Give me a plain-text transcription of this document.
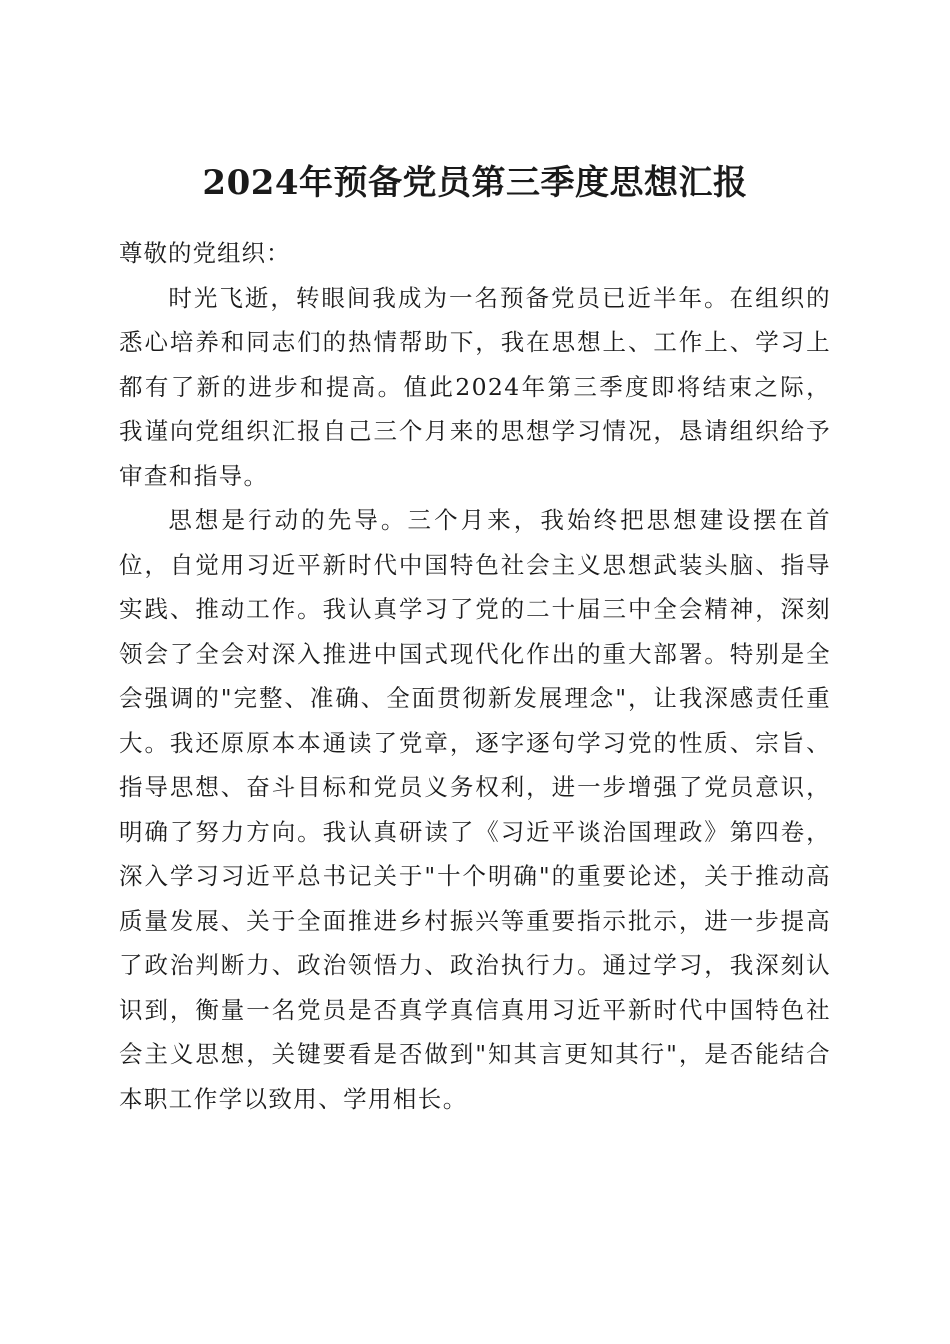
2024年预备党员第三季度思想汇报

尊敬的党组织：

时光飞逝，转眼间我成为一名预备党员已近半年。在组织的悉心培养和同志们的热情帮助下，我在思想上、工作上、学习上都有了新的进步和提高。值此2024年第三季度即将结束之际，我谨向党组织汇报自己三个月来的思想学习情况，恳请组织给予审查和指导。

思想是行动的先导。三个月来，我始终把思想建设摆在首位，自觉用习近平新时代中国特色社会主义思想武装头脑、指导实践、推动工作。我认真学习了党的二十届三中全会精神，深刻领会了全会对深入推进中国式现代化作出的重大部署。特别是全会强调的"完整、准确、全面贯彻新发展理念"，让我深感责任重大。我还原原本本通读了党章，逐字逐句学习党的性质、宗旨、指导思想、奋斗目标和党员义务权利，进一步增强了党员意识，明确了努力方向。我认真研读了《习近平谈治国理政》第四卷，深入学习习近平总书记关于"十个明确"的重要论述，关于推动高质量发展、关于全面推进乡村振兴等重要指示批示，进一步提高了政治判断力、政治领悟力、政治执行力。通过学习，我深刻认识到，衡量一名党员是否真学真信真用习近平新时代中国特色社会主义思想，关键要看是否做到"知其言更知其行"，是否能结合本职工作学以致用、学用相长。
